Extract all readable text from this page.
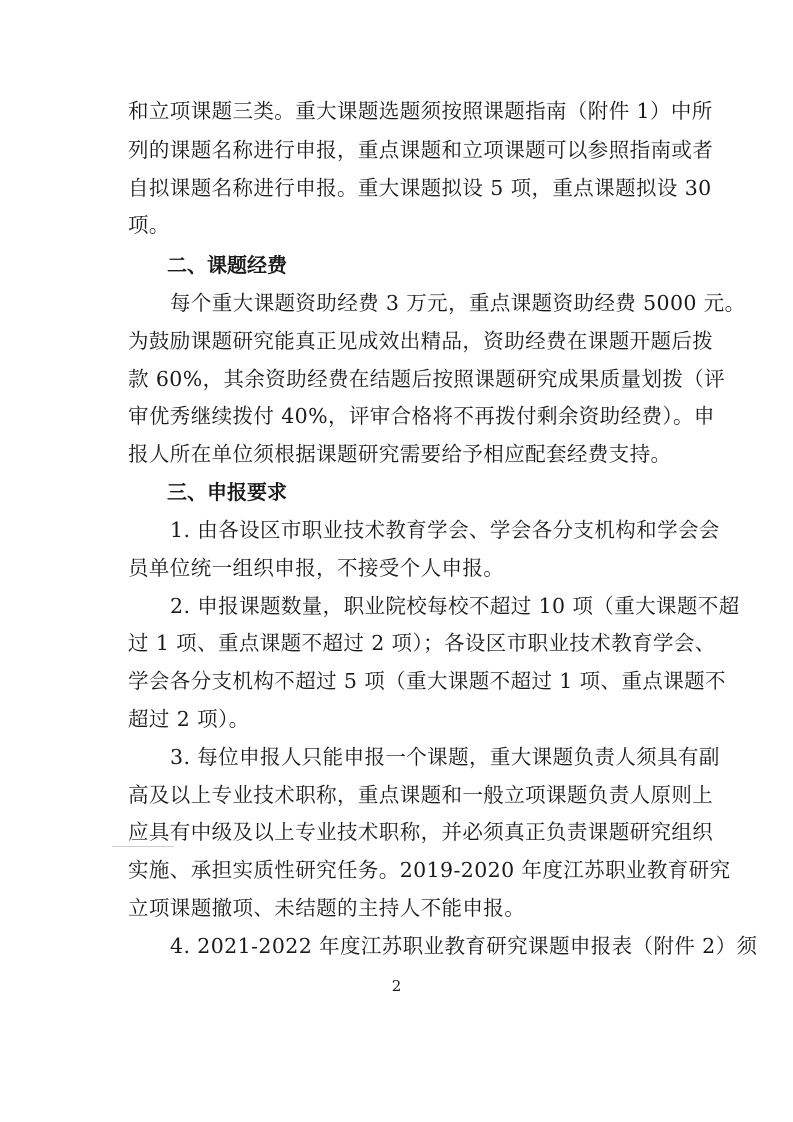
和立项课题三类。重大课题选题须按照课题指南（附件 1）中所
列的课题名称进行申报，重点课题和立项课题可以参照指南或者
自拟课题名称进行申报。重大课题拟设 5 项，重点课题拟设 30
项。
二、课题经费
每个重大课题资助经费 3 万元，重点课题资助经费 5000 元。
为鼓励课题研究能真正见成效出精品，资助经费在课题开题后拨
款 60%，其余资助经费在结题后按照课题研究成果质量划拨（评
审优秀继续拨付 40%，评审合格将不再拨付剩余资助经费）。申
报人所在单位须根据课题研究需要给予相应配套经费支持。
三、申报要求
1. 由各设区市职业技术教育学会、学会各分支机构和学会会
员单位统一组织申报，不接受个人申报。
2. 申报课题数量，职业院校每校不超过 10 项（重大课题不超
过 1 项、重点课题不超过 2 项）；各设区市职业技术教育学会、
学会各分支机构不超过 5 项（重大课题不超过 1 项、重点课题不
超过 2 项）。
3. 每位申报人只能申报一个课题，重大课题负责人须具有副
高及以上专业技术职称，重点课题和一般立项课题负责人原则上
应具有中级及以上专业技术职称，并必须真正负责课题研究组织
实施、承担实质性研究任务。2019-2020 年度江苏职业教育研究
立项课题撤项、未结题的主持人不能申报。
4. 2021-2022 年度江苏职业教育研究课题申报表（附件 2）须
2
